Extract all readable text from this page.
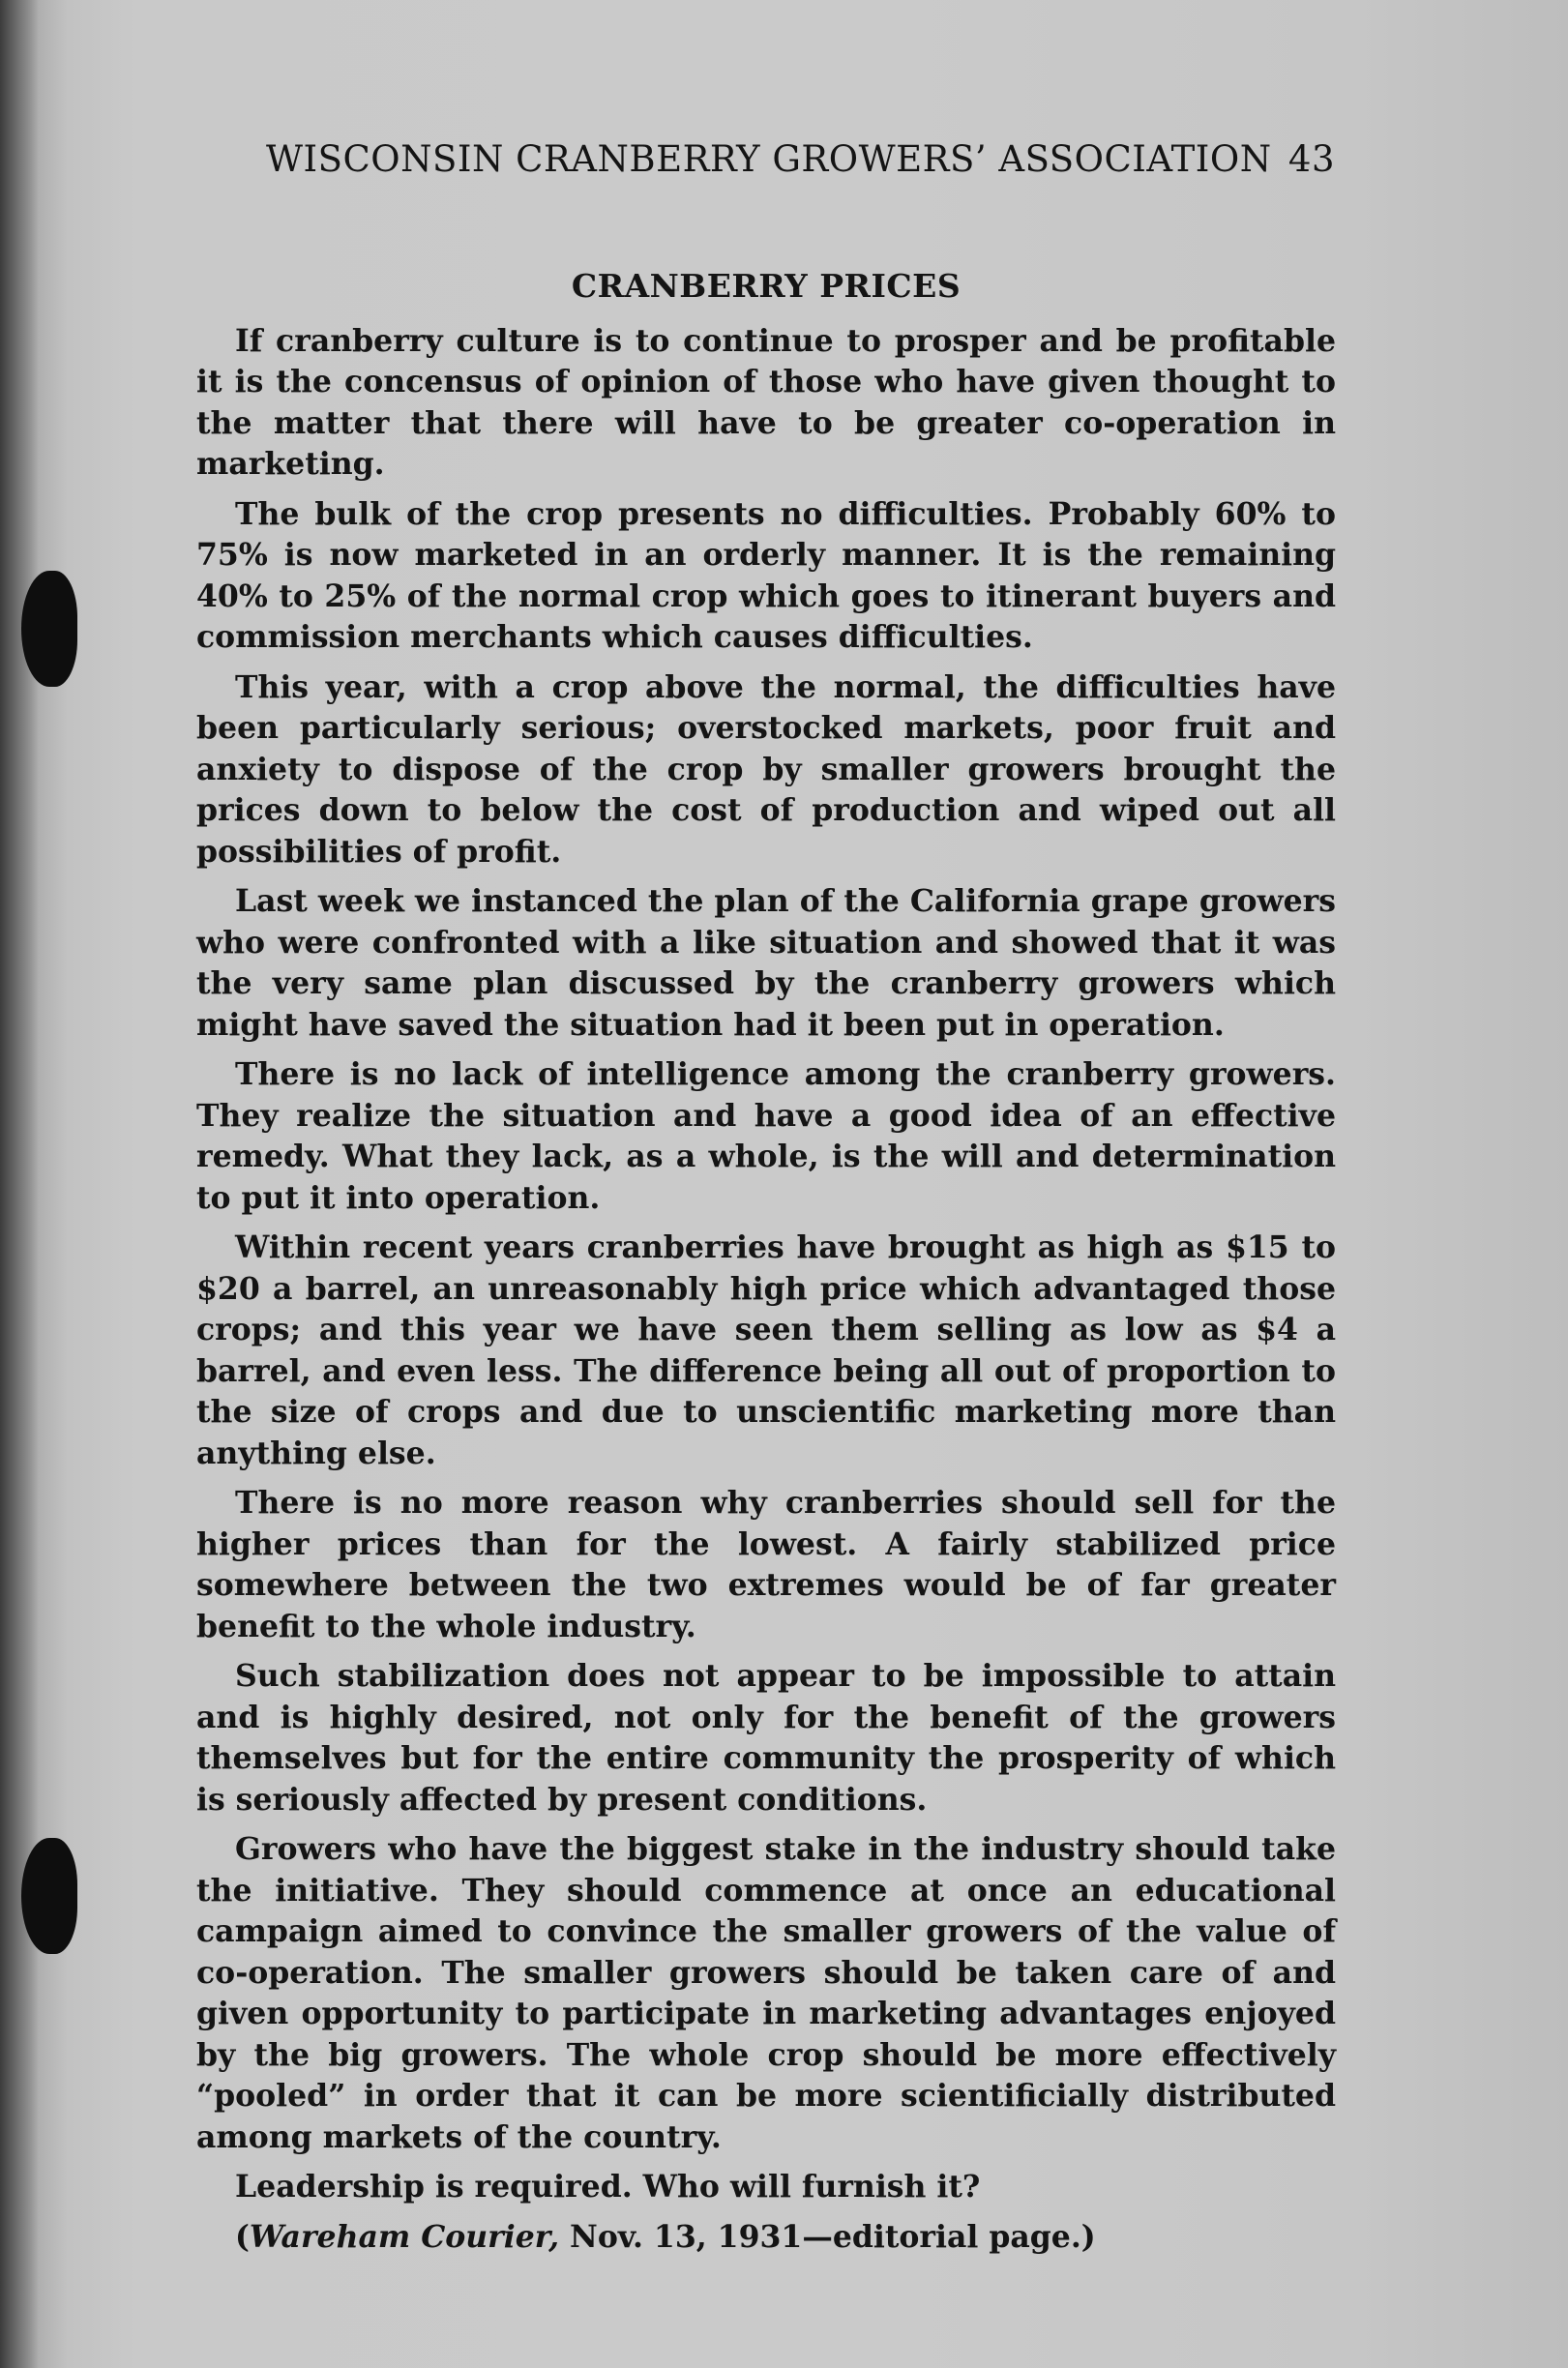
WISCONSIN CRANBERRY GROWERS’ ASSOCIATION 43
CRANBERRY PRICES

If cranberry culture is to continue to prosper and be profitable it is the concensus of opinion of those who have given thought to the matter that there will have to be greater co-operation in marketing.

The bulk of the crop presents no difficulties. Probably 60% to 75% is now marketed in an orderly manner. It is the remaining 40% to 25% of the normal crop which goes to itinerant buyers and commission merchants which causes difficulties.

This year, with a crop above the normal, the difficulties have been particularly serious; overstocked markets, poor fruit and anxiety to dispose of the crop by smaller growers brought the prices down to below the cost of production and wiped out all possibilities of profit.

Last week we instanced the plan of the California grape growers who were confronted with a like situation and showed that it was the very same plan discussed by the cranberry growers which might have saved the situation had it been put in operation.

There is no lack of intelligence among the cranberry growers. They realize the situation and have a good idea of an effective remedy. What they lack, as a whole, is the will and determination to put it into operation.

Within recent years cranberries have brought as high as $15 to $20 a barrel, an unreasonably high price which advantaged those crops; and this year we have seen them selling as low as $4 a barrel, and even less. The difference being all out of proportion to the size of crops and due to unscientific marketing more than anything else.

There is no more reason why cranberries should sell for the higher prices than for the lowest. A fairly stabilized price somewhere between the two extremes would be of far greater benefit to the whole industry.

Such stabilization does not appear to be impossible to attain and is highly desired, not only for the benefit of the growers themselves but for the entire community the prosperity of which is seriously affected by present conditions.

Growers who have the biggest stake in the industry should take the initiative. They should commence at once an educational campaign aimed to convince the smaller growers of the value of co-operation. The smaller growers should be taken care of and given opportunity to participate in marketing advantages enjoyed by the big growers. The whole crop should be more effectively “pooled” in order that it can be more scientificially distributed among markets of the country.

Leadership is required. Who will furnish it?

(Wareham Courier, Nov. 13, 1931—editorial page.)
